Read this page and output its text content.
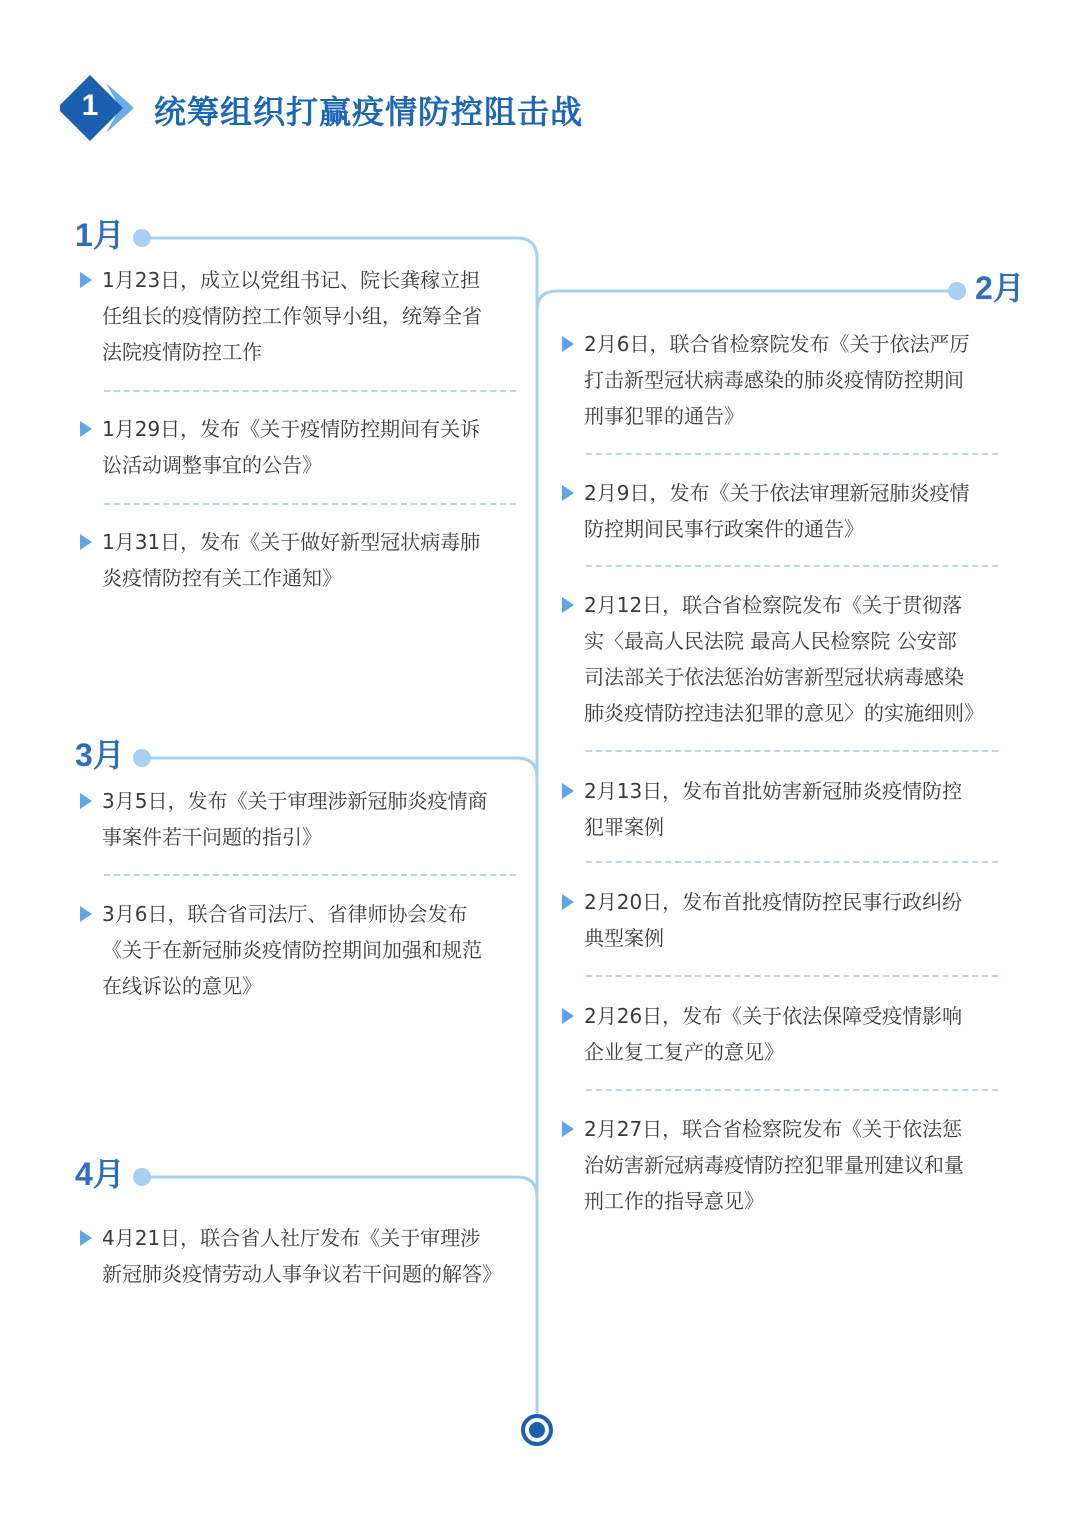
1 统筹组织打赢疫情防控阻击战
1月
2月
3月
4月
1月23日，成立以党组书记、院长龚稼立担任组长的疫情防控工作领导小组，统筹全省法院疫情防控工作
1月29日，发布《关于疫情防控期间有关诉讼活动调整事宜的公告》
1月31日，发布《关于做好新型冠状病毒肺炎疫情防控有关工作通知》
3月5日，发布《关于审理涉新冠肺炎疫情商事案件若干问题的指引》
3月6日，联合省司法厅、省律师协会发布《关于在新冠肺炎疫情防控期间加强和规范在线诉讼的意见》
4月21日，联合省人社厅发布《关于审理涉新冠肺炎疫情劳动人事争议若干问题的解答》
2月6日，联合省检察院发布《关于依法严厉打击新型冠状病毒感染的肺炎疫情防控期间刑事犯罪的通告》
2月9日，发布《关于依法审理新冠肺炎疫情防控期间民事行政案件的通告》
2月12日，联合省检察院发布《关于贯彻落实〈最高人民法院 最高人民检察院 公安部 司法部关于依法惩治妨害新型冠状病毒感染肺炎疫情防控违法犯罪的意见〉的实施细则》
2月13日，发布首批妨害新冠肺炎疫情防控犯罪案例
2月20日，发布首批疫情防控民事行政纠纷典型案例
2月26日，发布《关于依法保障受疫情影响企业复工复产的意见》
2月27日，联合省检察院发布《关于依法惩治妨害新冠病毒疫情防控犯罪量刑建议和量刑工作的指导意见》
